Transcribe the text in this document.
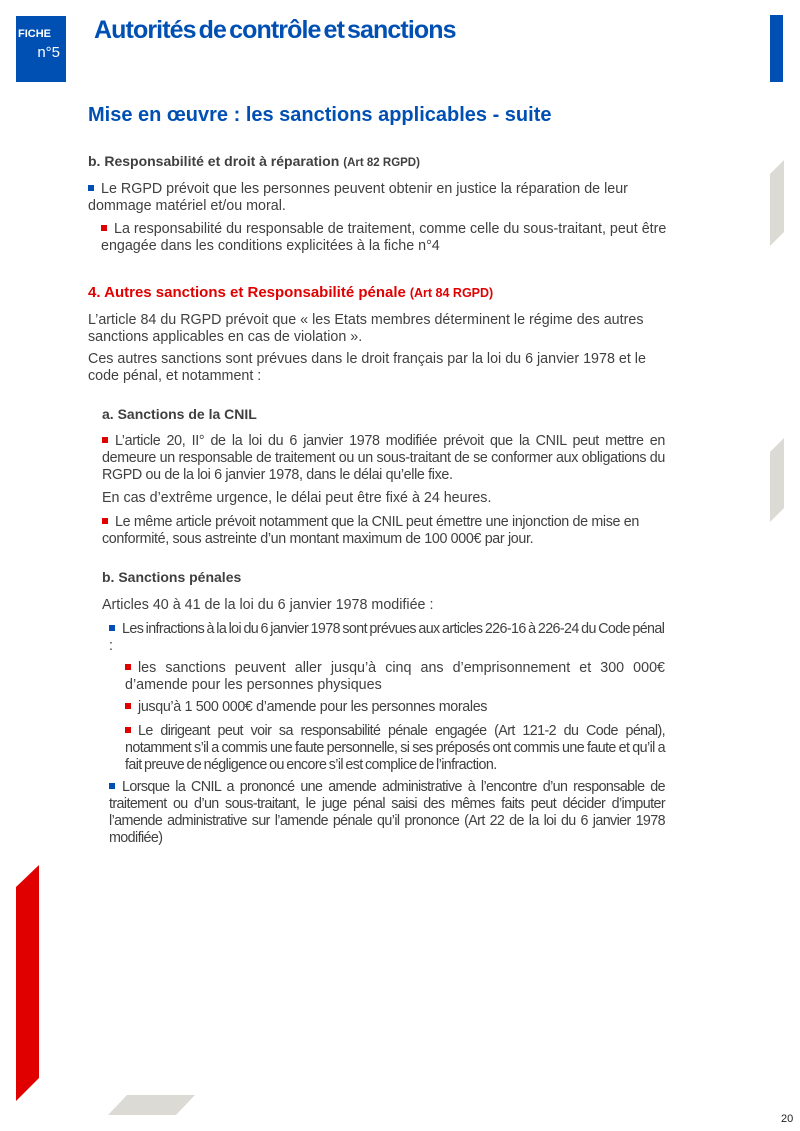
FICHE
n°5
Autorités de contrôle et sanctions
Mise en œuvre : les sanctions applicables - suite
b. Responsabilité et droit à réparation (Art 82 RGPD)

Le RGPD prévoit que les personnes peuvent obtenir en justice la réparation de leur dommage matériel et/ou moral.

La responsabilité du responsable de traitement, comme celle du sous-traitant, peut être engagée dans les conditions explicitées à la fiche n°4

4. Autres sanctions et Responsabilité pénale (Art 84 RGPD)

L’article 84 du RGPD prévoit que « les Etats membres déterminent le régime des autres sanctions applicables en cas de violation ».

Ces autres sanctions sont prévues dans le droit français par la loi du 6 janvier 1978 et le code pénal, et notamment :

a. Sanctions de la CNIL

L’article 20, II° de la loi du 6 janvier 1978 modifiée prévoit que la CNIL peut mettre en demeure un responsable de traitement ou un sous-traitant de se conformer aux obligations du RGPD ou de la loi 6 janvier 1978, dans le délai qu’elle fixe.

En cas d’extrême urgence, le délai peut être fixé à 24 heures.

Le même article prévoit notamment que la CNIL peut émettre une injonction de mise en conformité, sous astreinte d’un montant maximum de 100 000€ par jour.

b. Sanctions pénales

Articles 40 à 41 de la loi du 6 janvier 1978 modifiée :

Les infractions à la loi du 6 janvier 1978 sont prévues aux articles 226-16 à 226-24 du Code pénal :

les sanctions peuvent aller jusqu’à cinq ans d’emprisonnement et 300 000€ d’amende pour les personnes physiques

jusqu’à 1 500 000€ d’amende pour les personnes morales

Le dirigeant peut voir sa responsabilité pénale engagée (Art 121-2 du Code pénal), notamment s’il a commis une faute personnelle, si ses préposés ont commis une faute et qu’il a fait preuve de négligence ou encore s’il est complice de l’infraction.

Lorsque la CNIL a prononcé une amende administrative à l’encontre d’un responsable de traitement ou d’un sous-traitant, le juge pénal saisi des mêmes faits peut décider d’imputer l’amende administrative sur l’amende pénale qu’il prononce (Art 22 de la loi du 6 janvier 1978 modifiée)

20
